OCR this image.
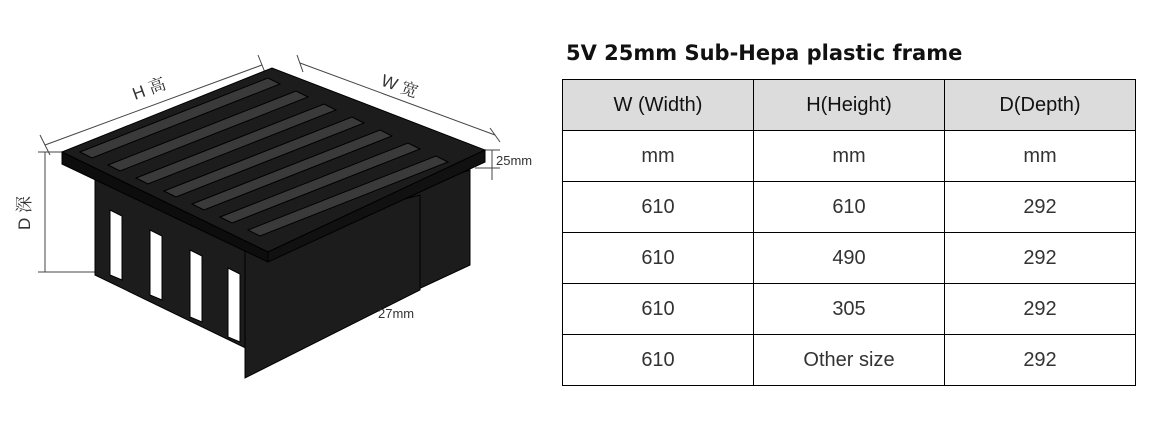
H 高	W 宽
D 深
25mm
27mm
5V 25mm Sub-Hepa plastic frame
W (Width)	H(Height)	D(Depth)
mm	mm	mm
610	610	292
610	490	292
610	305	292
610	Other size	292
